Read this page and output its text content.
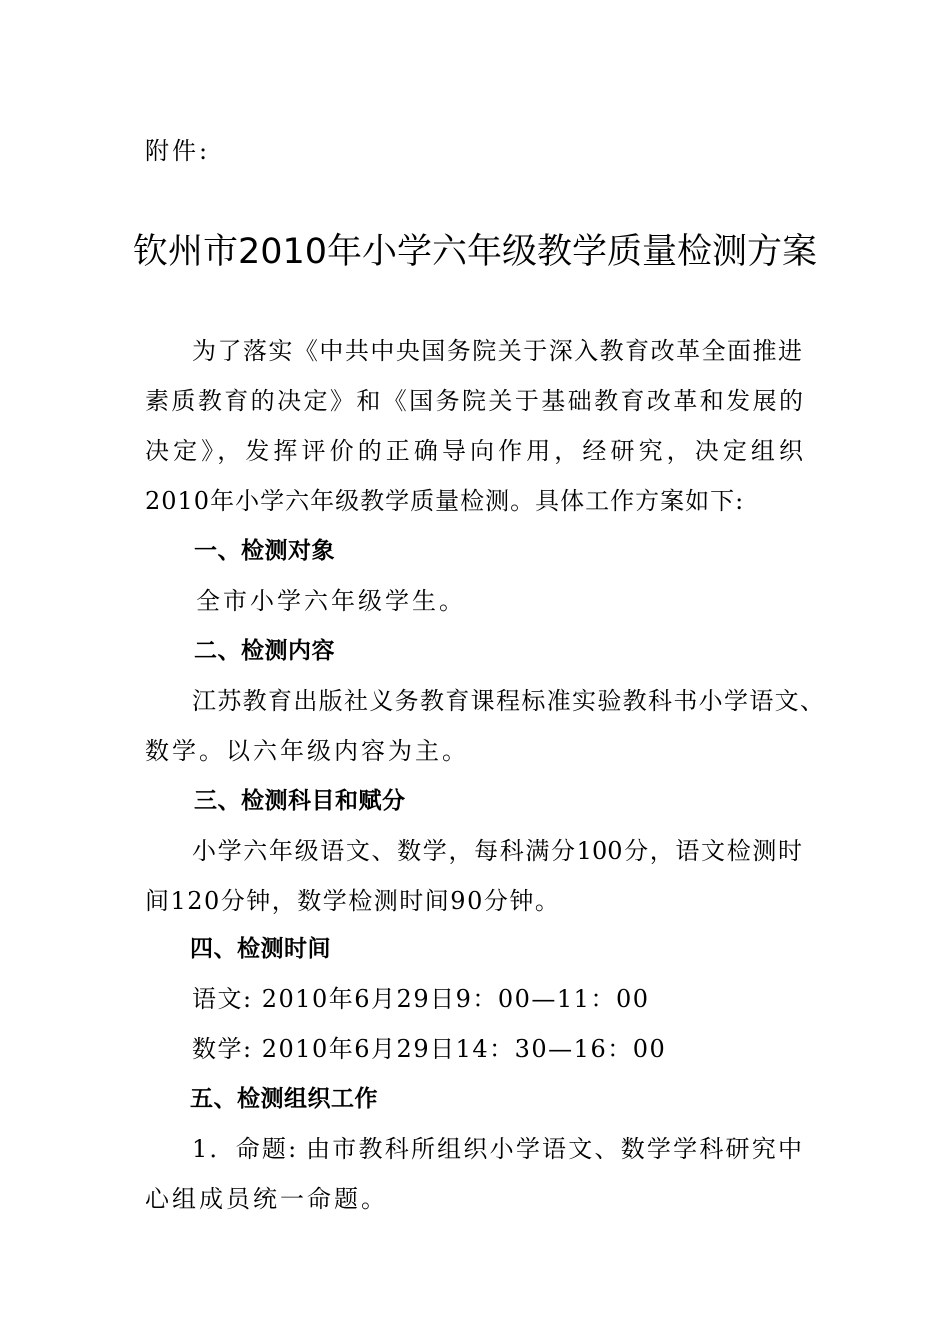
附件:
钦州市2010年小学六年级教学质量检测方案
为了落实《中共中央国务院关于深入教育改革全面推进
素质教育的决定》和《国务院关于基础教育改革和发展的
决定》，发挥评价的正确导向作用，经研究，决定组织
2010年小学六年级教学质量检测。具体工作方案如下:
一、检测对象
全市小学六年级学生。
二、检测内容
江苏教育出版社义务教育课程标准实验教科书小学语文、
数学。以六年级内容为主。
三、检测科目和赋分
小学六年级语文、数学，每科满分100分，语文检测时
间120分钟，数学检测时间90分钟。
四、检测时间
语文: 2010年6月29日9：00—11：00
数学: 2010年6月29日14：30—16：00
五、检测组织工作
1．命题: 由市教科所组织小学语文、数学学科研究中
心组成员统一命题。
